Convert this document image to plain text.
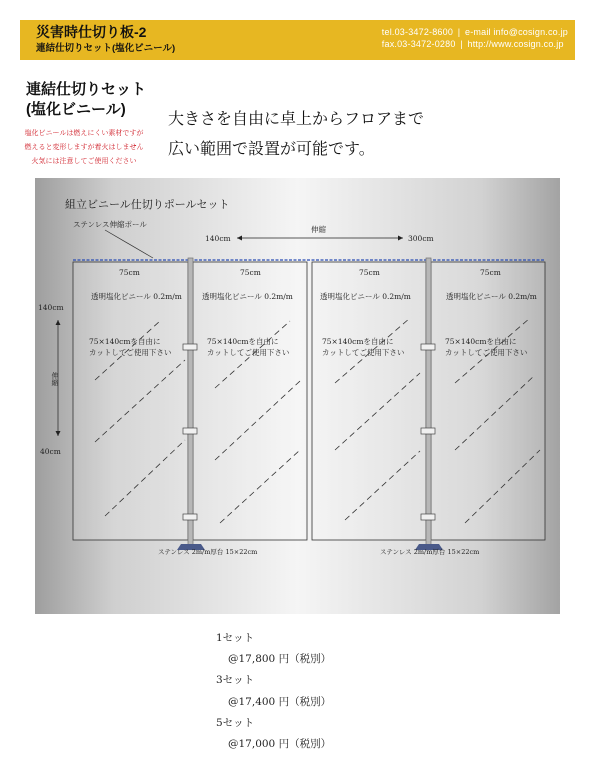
災害時仕切り板-2
連結仕切りセット(塩化ビニール)
tel.03-3472-8600 | e-mail info@cosign.co.jp
fax.03-3472-0280 | http://www.cosign.co.jp
連結仕切りセット
(塩化ビニール)
塩化ビニールは燃えにくい素材ですが
燃えると変形しますが着火はしません
火気には注意してご使用ください
大きさを自由に卓上からフロアまで
広い範囲で設置が可能です。
組立ビニール仕切りポールセット
ステンレス伸縮ポール
伸縮
140cm	300cm
140cm
40cm
伸縮
75cm
透明塩化ビニール 0.2m/m
75×140cmを自由に
カットしてご使用下さい
75cm
透明塩化ビニール 0.2m/m
75×140cmを自由に
カットしてご使用下さい
75cm
透明塩化ビニール 0.2m/m
75×140cmを自由に
カットしてご使用下さい
75cm
透明塩化ビニール 0.2m/m
75×140cmを自由に
カットしてご使用下さい
ステンレス 2m/m厚台 15×22cm	ステンレス 2m/m厚台 15×22cm
1セット
@17,800 円（税別）
3セット
@17,400 円（税別）
5セット
@17,000 円（税別）
